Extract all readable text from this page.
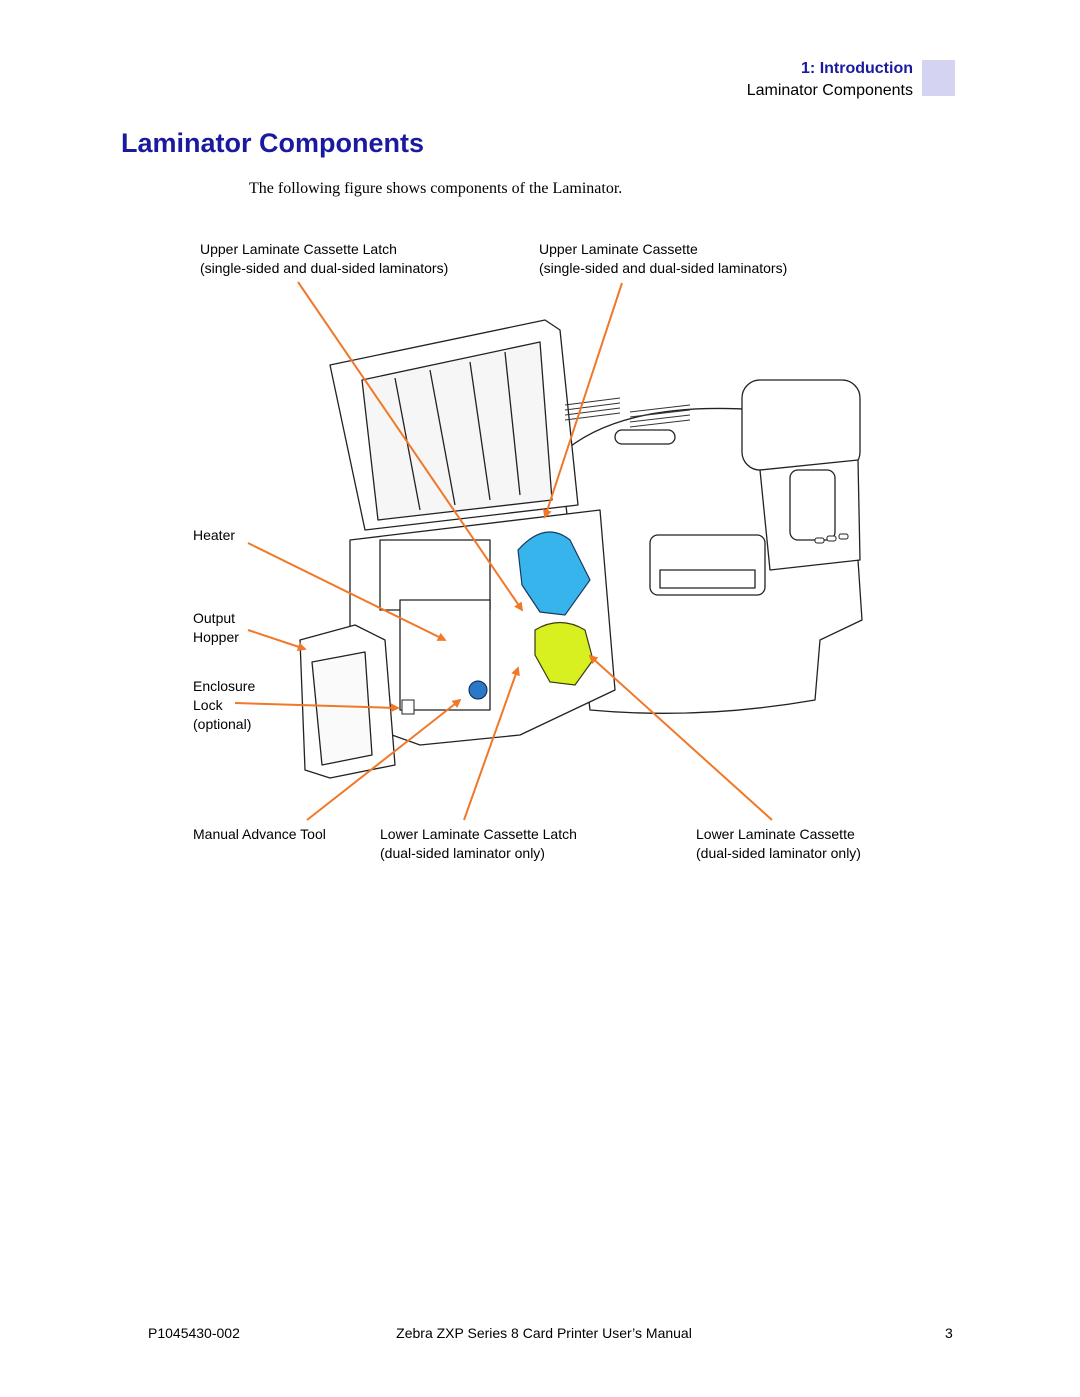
1: Introduction
Laminator Components
Laminator Components
The following figure shows components of the Laminator.
Upper Laminate Cassette Latch
(single-sided and dual-sided laminators)
Upper Laminate Cassette
(single-sided and dual-sided laminators)
Heater
Output
Hopper
Enclosure
Lock
(optional)
Manual Advance Tool	Lower Laminate Cassette Latch
(dual-sided laminator only)
Lower Laminate Cassette
(dual-sided laminator only)
P1045430-002	Zebra ZXP Series 8 Card Printer User’s Manual	3
